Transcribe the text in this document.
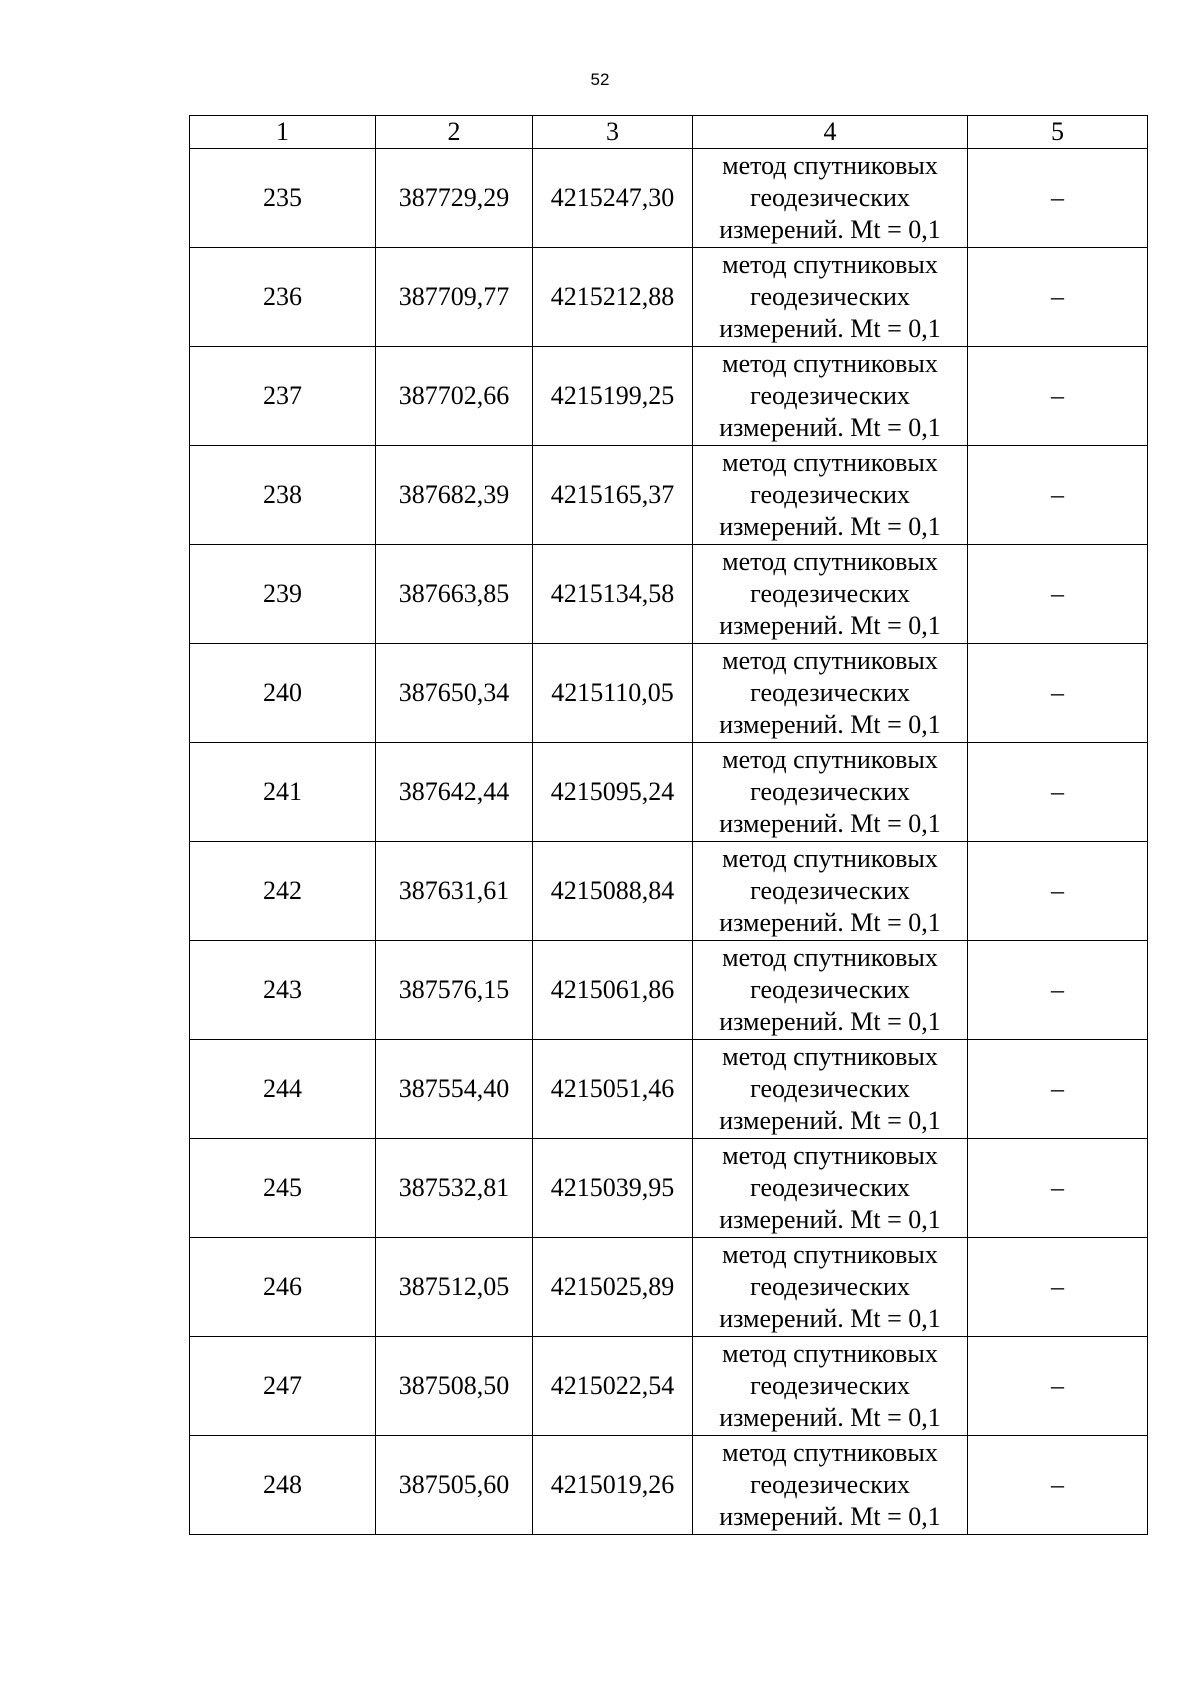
52
1	2	3	4	5
235	387729,29	4215247,30	метод спутниковых
геодезических
измерений. Mt = 0,1	–
236	387709,77	4215212,88	метод спутниковых
геодезических
измерений. Mt = 0,1	–
237	387702,66	4215199,25	метод спутниковых
геодезических
измерений. Mt = 0,1	–
238	387682,39	4215165,37	метод спутниковых
геодезических
измерений. Mt = 0,1	–
239	387663,85	4215134,58	метод спутниковых
геодезических
измерений. Mt = 0,1	–
240	387650,34	4215110,05	метод спутниковых
геодезических
измерений. Mt = 0,1	–
241	387642,44	4215095,24	метод спутниковых
геодезических
измерений. Mt = 0,1	–
242	387631,61	4215088,84	метод спутниковых
геодезических
измерений. Mt = 0,1	–
243	387576,15	4215061,86	метод спутниковых
геодезических
измерений. Mt = 0,1	–
244	387554,40	4215051,46	метод спутниковых
геодезических
измерений. Mt = 0,1	–
245	387532,81	4215039,95	метод спутниковых
геодезических
измерений. Mt = 0,1	–
246	387512,05	4215025,89	метод спутниковых
геодезических
измерений. Mt = 0,1	–
247	387508,50	4215022,54	метод спутниковых
геодезических
измерений. Mt = 0,1	–
248	387505,60	4215019,26	метод спутниковых
геодезических
измерений. Mt = 0,1	–
